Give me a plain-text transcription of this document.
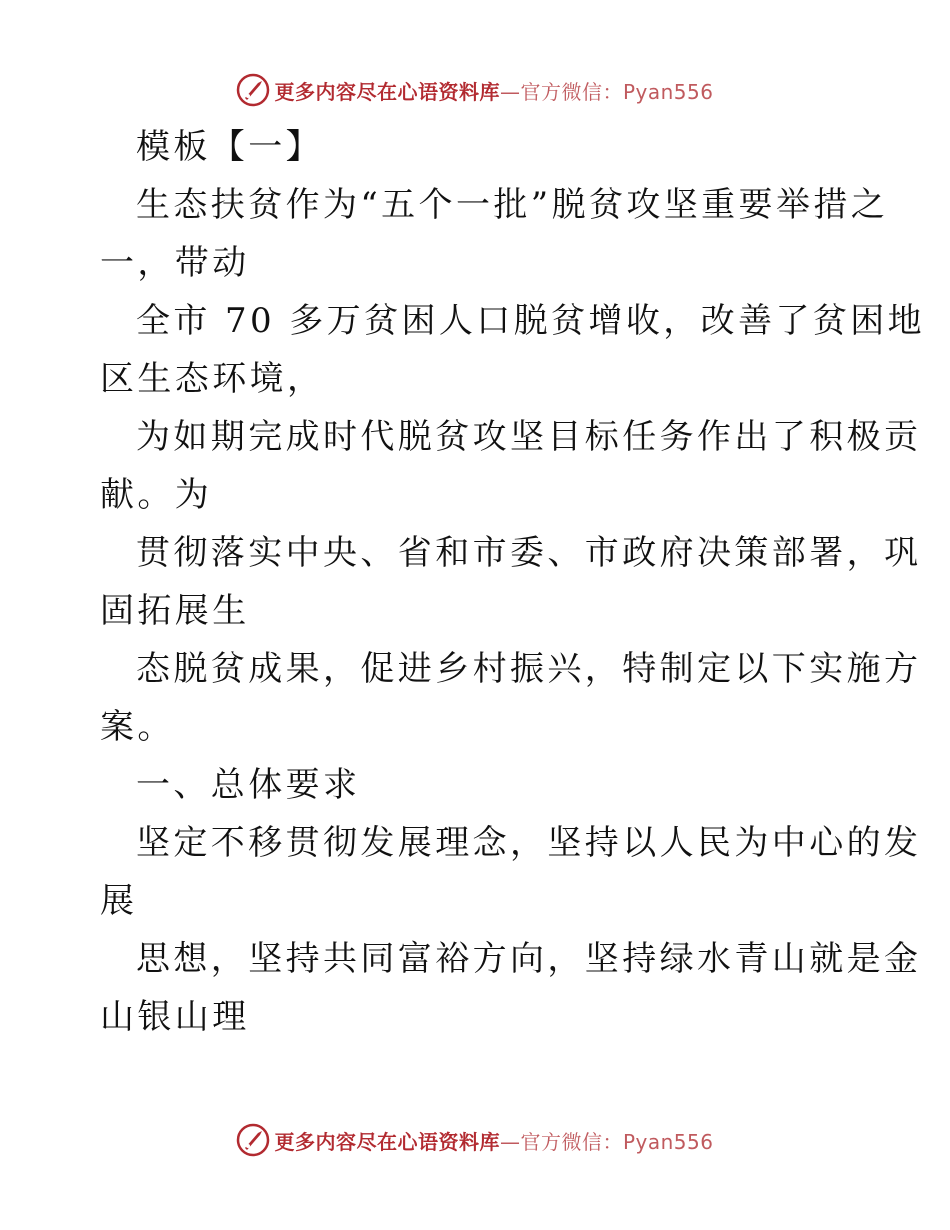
更多内容尽在心语资料库—官方微信：Pyan556
模板【一】
生态扶贫作为“五个一批”脱贫攻坚重要举措之
一，带动
全市 70 多万贫困人口脱贫增收，改善了贫困地
区生态环境，
为如期完成时代脱贫攻坚目标任务作出了积极贡
献。为
贯彻落实中央、省和市委、市政府决策部署，巩
固拓展生
态脱贫成果，促进乡村振兴，特制定以下实施方
案。
一、总体要求
坚定不移贯彻发展理念，坚持以人民为中心的发
展
思想，坚持共同富裕方向，坚持绿水青山就是金
山银山理
更多内容尽在心语资料库—官方微信：Pyan556
